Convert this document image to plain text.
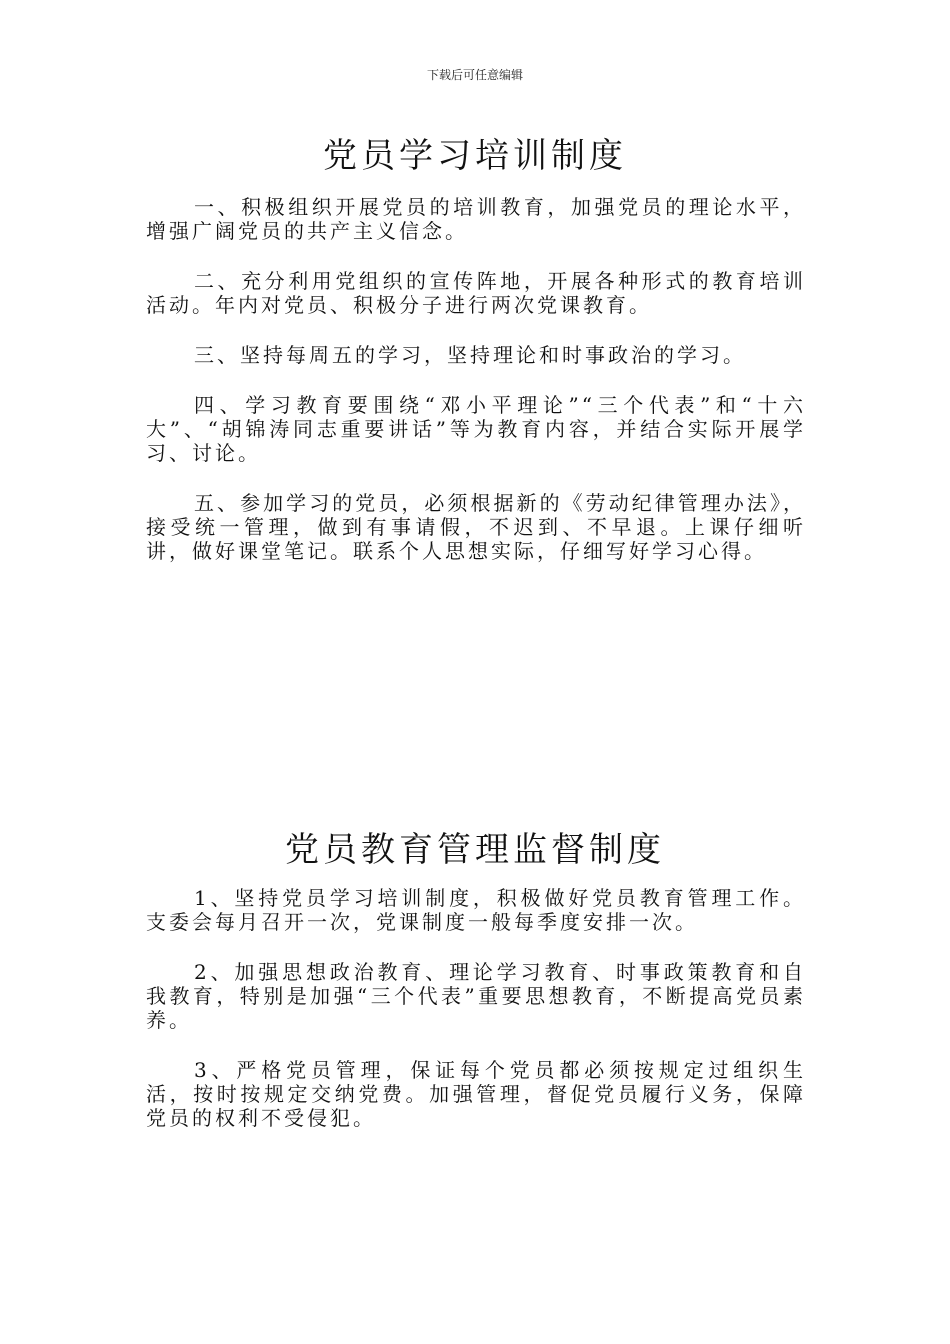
下载后可任意编辑
党员学习培训制度

一、积极组织开展党员的培训教育，加强党员的理论水平，增强广阔党员的共产主义信念。

二、充分利用党组织的宣传阵地，开展各种形式的教育培训活动。年内对党员、积极分子进行两次党课教育。

三、坚持每周五的学习，坚持理论和时事政治的学习。

四、学习教育要围绕“邓小平理论”“三个代表”和“十六大”、“胡锦涛同志重要讲话”等为教育内容，并结合实际开展学习、讨论。

五、参加学习的党员，必须根据新的《劳动纪律管理办法》，接受统一管理，做到有事请假，不迟到、不早退。上课仔细听讲，做好课堂笔记。联系个人思想实际，仔细写好学习心得。

党员教育管理监督制度

1、坚持党员学习培训制度，积极做好党员教育管理工作。支委会每月召开一次，党课制度一般每季度安排一次。

2、加强思想政治教育、理论学习教育、时事政策教育和自我教育，特别是加强“三个代表”重要思想教育，不断提高党员素养。

3、严格党员管理，保证每个党员都必须按规定过组织生活，按时按规定交纳党费。加强管理，督促党员履行义务，保障党员的权利不受侵犯。
